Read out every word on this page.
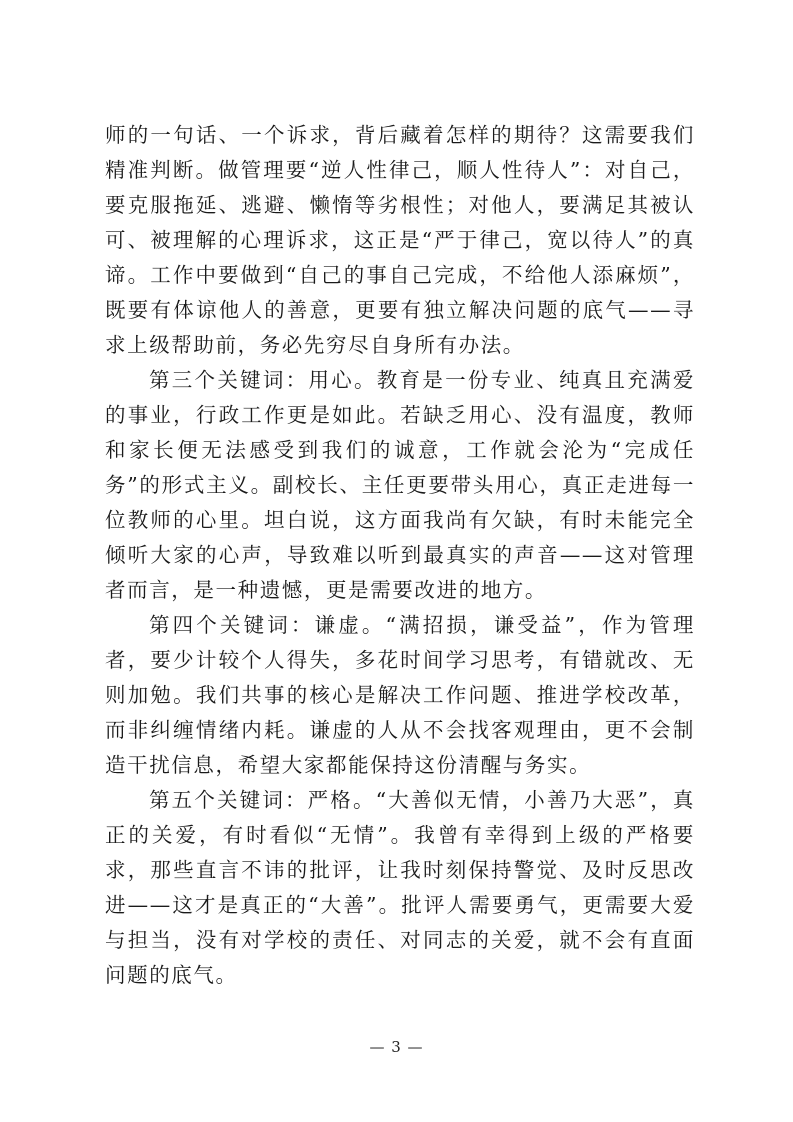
师的一句话、一个诉求，背后藏着怎样的期待？这需要我们精准判断。做管理要“逆人性律己，顺人性待人”：对自己，要克服拖延、逃避、懒惰等劣根性；对他人，要满足其被认可、被理解的心理诉求，这正是“严于律己，宽以待人”的真谛。工作中要做到“自己的事自己完成，不给他人添麻烦”，既要有体谅他人的善意，更要有独立解决问题的底气——寻求上级帮助前，务必先穷尽自身所有办法。

第三个关键词：用心。教育是一份专业、纯真且充满爱的事业，行政工作更是如此。若缺乏用心、没有温度，教师和家长便无法感受到我们的诚意，工作就会沦为“完成任务”的形式主义。副校长、主任更要带头用心，真正走进每一位教师的心里。坦白说，这方面我尚有欠缺，有时未能完全倾听大家的心声，导致难以听到最真实的声音——这对管理者而言，是一种遗憾，更是需要改进的地方。

第四个关键词：谦虚。“满招损，谦受益”，作为管理者，要少计较个人得失，多花时间学习思考，有错就改、无则加勉。我们共事的核心是解决工作问题、推进学校改革，而非纠缠情绪内耗。谦虚的人从不会找客观理由，更不会制造干扰信息，希望大家都能保持这份清醒与务实。

第五个关键词：严格。“大善似无情，小善乃大恶”，真正的关爱，有时看似“无情”。我曾有幸得到上级的严格要求，那些直言不讳的批评，让我时刻保持警觉、及时反思改进——这才是真正的“大善”。批评人需要勇气，更需要大爱与担当，没有对学校的责任、对同志的关爱，就不会有直面问题的底气。

— 3 —
